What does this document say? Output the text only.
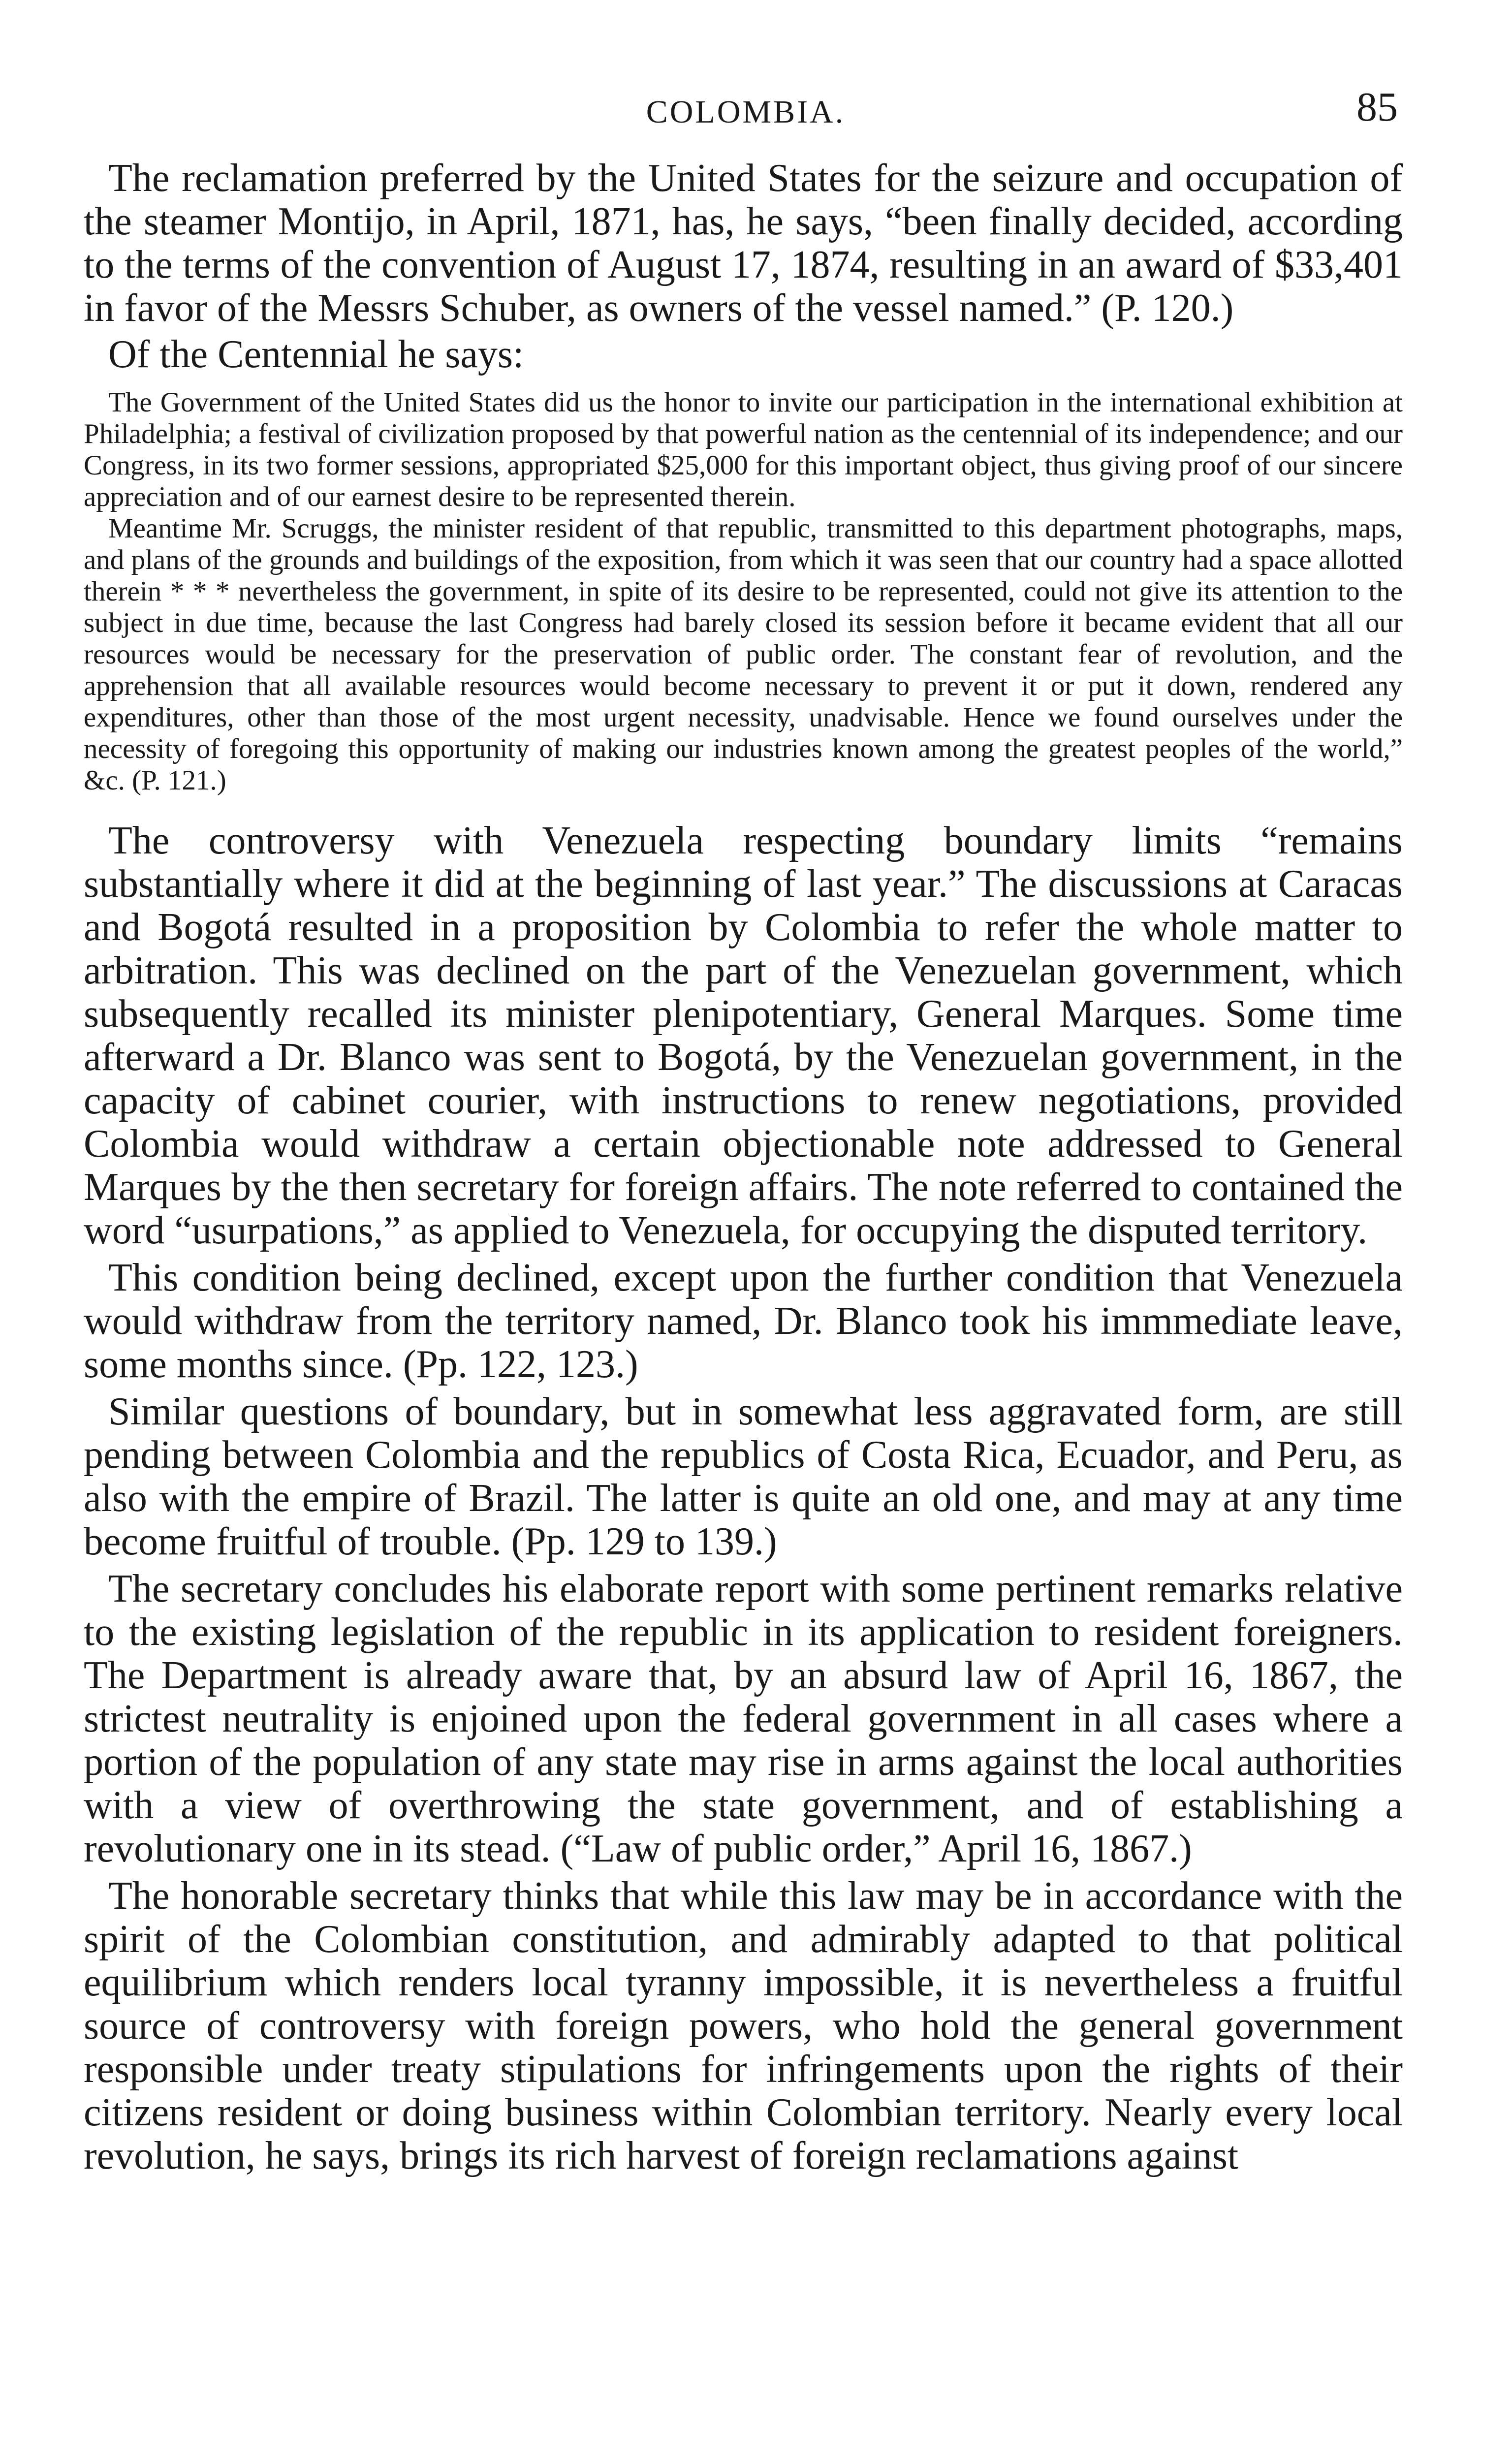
COLOMBIA.	85

The reclamation preferred by the United States for the seizure and occupation of the steamer Montijo, in April, 1871, has, he says, “been finally decided, according to the terms of the convention of August 17, 1874, resulting in an award of $33,401 in favor of the Messrs Schuber, as owners of the vessel named.” (P. 120.)

Of the Centennial he says:

The Government of the United States did us the honor to invite our participation in the international exhibition at Philadelphia; a festival of civilization proposed by that powerful nation as the centennial of its independence; and our Congress, in its two former sessions, appropriated $25,000 for this important object, thus giving proof of our sincere appreciation and of our earnest desire to be represented therein.

Meantime Mr. Scruggs, the minister resident of that republic, transmitted to this department photographs, maps, and plans of the grounds and buildings of the exposition, from which it was seen that our country had a space allotted therein * * * nevertheless the government, in spite of its desire to be represented, could not give its attention to the subject in due time, because the last Congress had barely closed its session before it became evident that all our resources would be necessary for the preservation of public order. The constant fear of revolution, and the apprehension that all available resources would become necessary to prevent it or put it down, rendered any expenditures, other than those of the most urgent necessity, unadvisable. Hence we found ourselves under the necessity of foregoing this opportunity of making our industries known among the greatest peoples of the world,” &c. (P. 121.)

The controversy with Venezuela respecting boundary limits “remains substantially where it did at the beginning of last year.” The discussions at Caracas and Bogotá resulted in a proposition by Colombia to refer the whole matter to arbitration. This was declined on the part of the Venezuelan government, which subsequently recalled its minister plenipotentiary, General Marques. Some time afterward a Dr. Blanco was sent to Bogotá, by the Venezuelan government, in the capacity of cabinet courier, with instructions to renew negotiations, provided Colombia would withdraw a certain objectionable note addressed to General Marques by the then secretary for foreign affairs. The note referred to contained the word “usurpations,” as applied to Venezuela, for occupying the disputed territory.

This condition being declined, except upon the further condition that Venezuela would withdraw from the territory named, Dr. Blanco took his immmediate leave, some months since. (Pp. 122, 123.)

Similar questions of boundary, but in somewhat less aggravated form, are still pending between Colombia and the republics of Costa Rica, Ecuador, and Peru, as also with the empire of Brazil. The latter is quite an old one, and may at any time become fruitful of trouble. (Pp. 129 to 139.)

The secretary concludes his elaborate report with some pertinent remarks relative to the existing legislation of the republic in its application to resident foreigners. The Department is already aware that, by an absurd law of April 16, 1867, the strictest neutrality is enjoined upon the federal government in all cases where a portion of the population of any state may rise in arms against the local authorities with a view of overthrowing the state government, and of establishing a revolutionary one in its stead. (“Law of public order,” April 16, 1867.)

The honorable secretary thinks that while this law may be in accordance with the spirit of the Colombian constitution, and admirably adapted to that political equilibrium which renders local tyranny impossible, it is nevertheless a fruitful source of controversy with foreign powers, who hold the general government responsible under treaty stipulations for infringements upon the rights of their citizens resident or doing business within Colombian territory. Nearly every local revolution, he says, brings its rich harvest of foreign reclamations against
